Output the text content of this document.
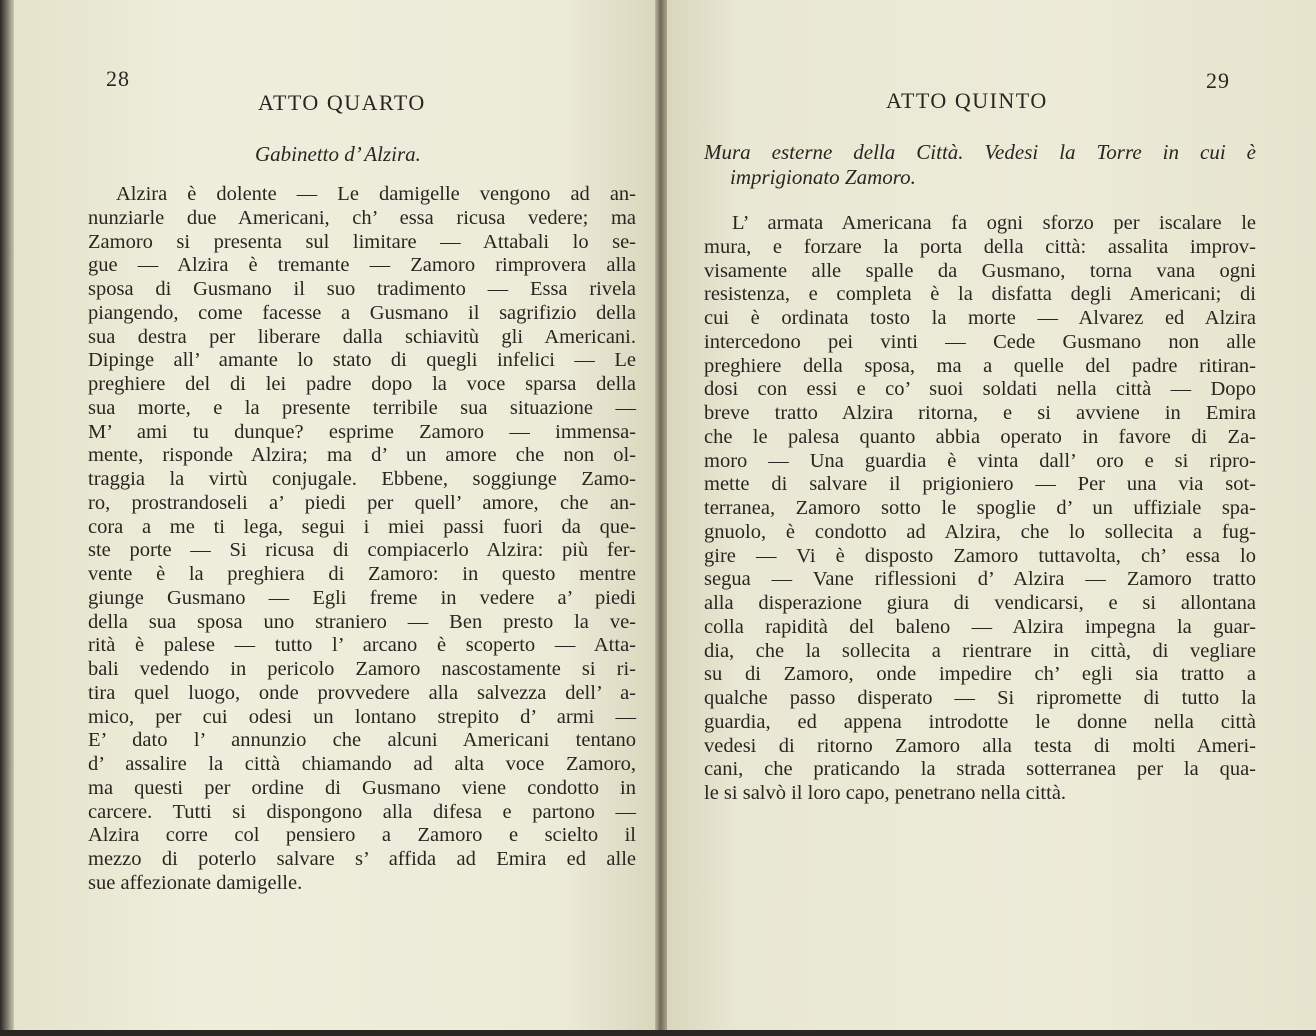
28
ATTO QUARTO
Gabinetto d’ Alzira.
Alzira è dolente — Le damigelle vengono ad an-
nunziarle due Americani, ch’ essa ricusa vedere; ma
Zamoro si presenta sul limitare — Attabali lo se-
gue — Alzira è tremante — Zamoro rimprovera alla
sposa di Gusmano il suo tradimento — Essa rivela
piangendo, come facesse a Gusmano il sagrifizio della
sua destra per liberare dalla schiavitù gli Americani.
Dipinge all’ amante lo stato di quegli infelici — Le
preghiere del di lei padre dopo la voce sparsa della
sua morte, e la presente terribile sua situazione —
M’ ami tu dunque? esprime Zamoro — immensa-
mente, risponde Alzira; ma d’ un amore che non ol-
traggia la virtù conjugale. Ebbene, soggiunge Zamo-
ro, prostrandoseli a’ piedi per quell’ amore, che an-
cora a me ti lega, segui i miei passi fuori da que-
ste porte — Si ricusa di compiacerlo Alzira: più fer-
vente è la preghiera di Zamoro: in questo mentre
giunge Gusmano — Egli freme in vedere a’ piedi
della sua sposa uno straniero — Ben presto la ve-
rità è palese — tutto l’ arcano è scoperto — Atta-
bali vedendo in pericolo Zamoro nascostamente si ri-
tira quel luogo, onde provvedere alla salvezza dell’ a-
mico, per cui odesi un lontano strepito d’ armi —
E’ dato l’ annunzio che alcuni Americani tentano
d’ assalire la città chiamando ad alta voce Zamoro,
ma questi per ordine di Gusmano viene condotto in
carcere. Tutti si dispongono alla difesa e partono —
Alzira corre col pensiero a Zamoro e scielto il
mezzo di poterlo salvare s’ affida ad Emira ed alle
sue affezionate damigelle.
29
ATTO QUINTO
Mura esterne della Città. Vedesi la Torre in cui è
imprigionato Zamoro.
L’ armata Americana fa ogni sforzo per iscalare le
mura, e forzare la porta della città: assalita improv-
visamente alle spalle da Gusmano, torna vana ogni
resistenza, e completa è la disfatta degli Americani; di
cui è ordinata tosto la morte — Alvarez ed Alzira
intercedono pei vinti — Cede Gusmano non alle
preghiere della sposa, ma a quelle del padre ritiran-
dosi con essi e co’ suoi soldati nella città — Dopo
breve tratto Alzira ritorna, e si avviene in Emira
che le palesa quanto abbia operato in favore di Za-
moro — Una guardia è vinta dall’ oro e si ripro-
mette di salvare il prigioniero — Per una via sot-
terranea, Zamoro sotto le spoglie d’ un uffiziale spa-
gnuolo, è condotto ad Alzira, che lo sollecita a fug-
gire — Vi è disposto Zamoro tuttavolta, ch’ essa lo
segua — Vane riflessioni d’ Alzira — Zamoro tratto
alla disperazione giura di vendicarsi, e si allontana
colla rapidità del baleno — Alzira impegna la guar-
dia, che la sollecita a rientrare in città, di vegliare
su di Zamoro, onde impedire ch’ egli sia tratto a
qualche passo disperato — Si ripromette di tutto la
guardia, ed appena introdotte le donne nella città
vedesi di ritorno Zamoro alla testa di molti Ameri-
cani, che praticando la strada sotterranea per la qua-
le si salvò il loro capo, penetrano nella città.
